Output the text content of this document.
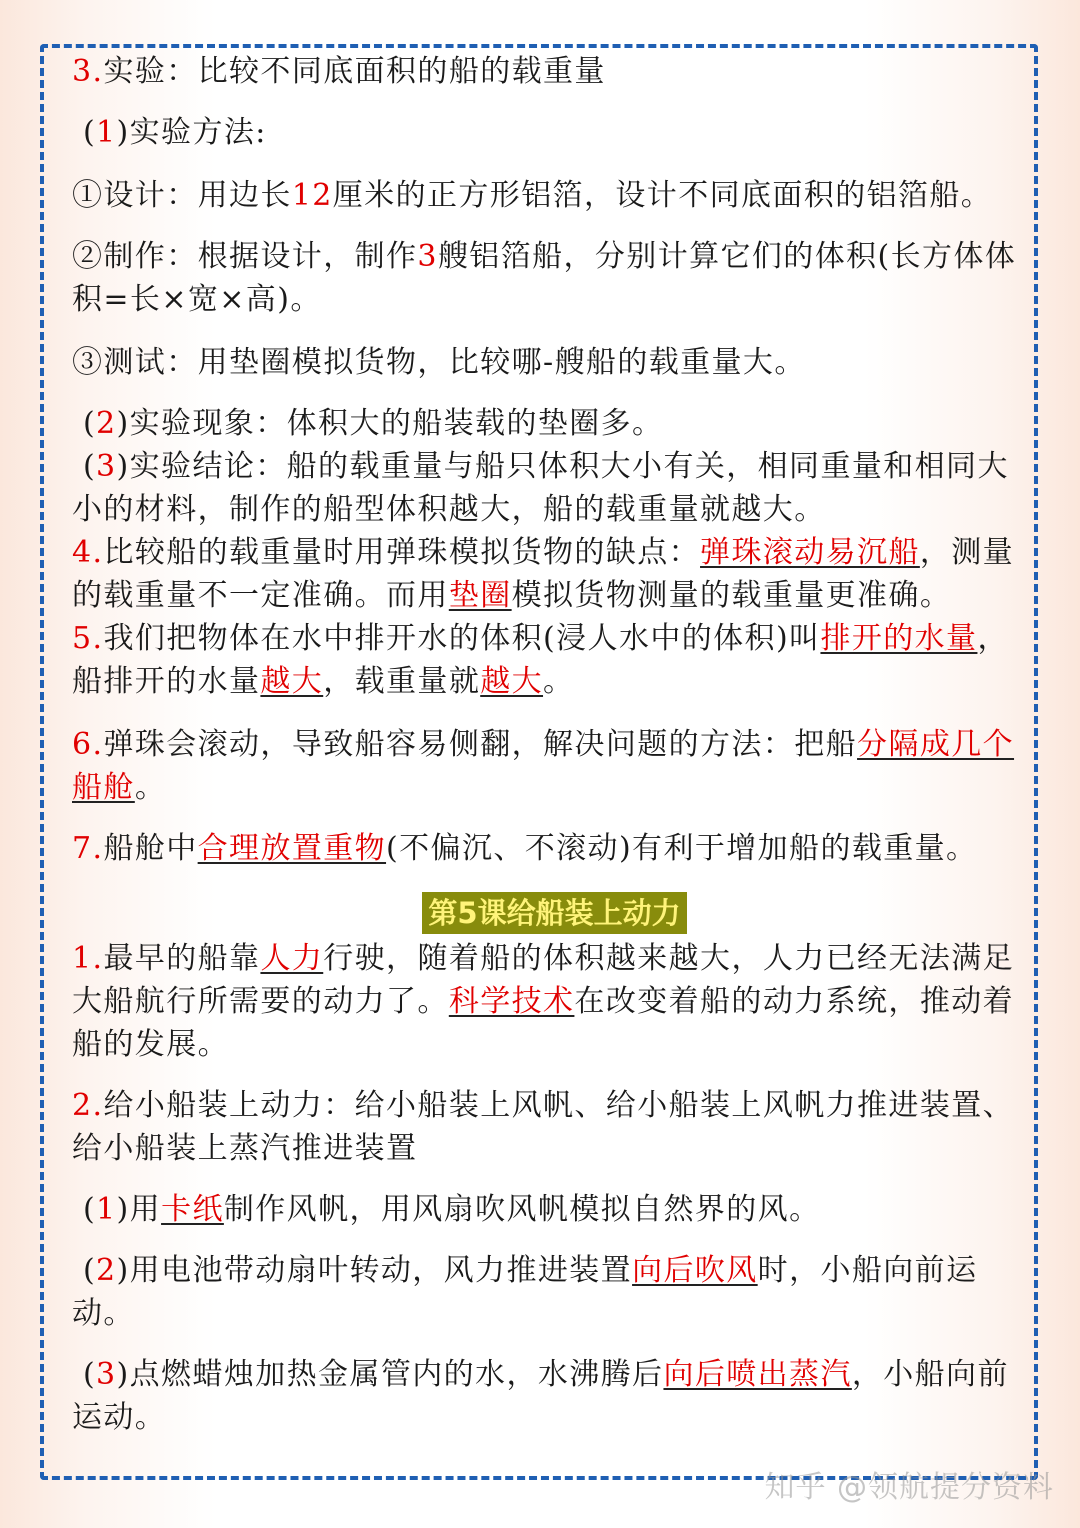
3.实验：比较不同底面积的船的载重量

(1)实验方法:

①设计：用边长12厘米的正方形铝箔，设计不同底面积的铝箔船。

②制作：根据设计，制作3艘铝箔船，分别计算它们的体积(长方体体积=长×宽×高)。

③测试：用垫圈模拟货物，比较哪-艘船的载重量大。

(2)实验现象：体积大的船装载的垫圈多。

(3)实验结论：船的载重量与船只体积大小有关，相同重量和相同大小的材料，制作的船型体积越大，船的载重量就越大。

4.比较船的载重量时用弹珠模拟货物的缺点：弹珠滚动易沉船，测量的载重量不一定准确。而用垫圈模拟货物测量的载重量更准确。

5.我们把物体在水中排开水的体积(浸人水中的体积)叫排开的水量，船排开的水量越大，载重量就越大。

6.弹珠会滚动，导致船容易侧翻，解决问题的方法：把船分隔成几个船舱。

7.船舱中合理放置重物(不偏沉、不滚动)有利于增加船的载重量。

第5课给船装上动力

1.最早的船靠人力行驶，随着船的体积越来越大，人力已经无法满足大船航行所需要的动力了。科学技术在改变着船的动力系统，推动着船的发展。

2.给小船装上动力：给小船装上风帆、给小船装上风帆力推进装置、给小船装上蒸汽推进装置

(1)用卡纸制作风帆，用风扇吹风帆模拟自然界的风。

(2)用电池带动扇叶转动，风力推进装置向后吹风时，小船向前运动。

(3)点燃蜡烛加热金属管内的水，水沸腾后向后喷出蒸汽，小船向前运动。

知乎 @领航提分资料
